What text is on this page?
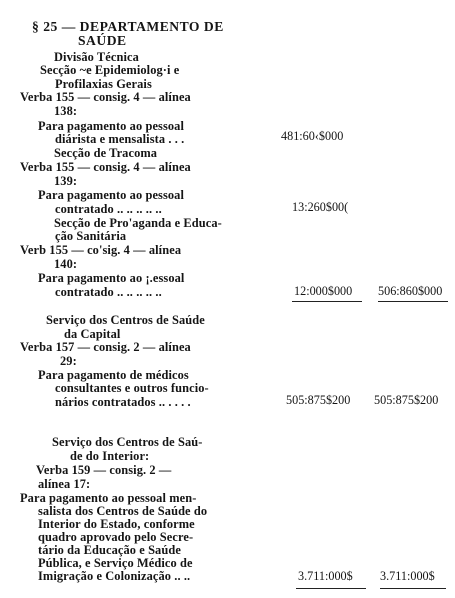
§ 25 — DEPARTAMENTO DE
SAÚDE
Divisão Técnica
Secção ~e Epidemiolog·i e
Profilaxias Gerais
Verba 155 — consig. 4 — alínea
138:
Para pagamento ao pessoal
diárista e mensalista . . .	481:60‹$000
Secção de Tracoma
Verba 155 — consig. 4 — alínea
139:
Para pagamento ao pessoal
contratado .. .. .. .. ..	13:260$00(
Secção de Pro'aganda e Educa-
ção Sanitária
Verb 155 — co'sig. 4 — alínea
140:
Para pagamento ao ¡.essoal
contratado .. .. .. .. ..	12:000$000 506:860$000
Serviço dos Centros de Saúde
da Capital
Verba 157 — consig. 2 — alínea
29:
Para pagamento de médicos
consultantes e outros funcio-
nários contratados .. . . . .	505:875$200 505:875$200
Serviço dos Centros de Saú-
de do Interior:
Verba 159 — consig. 2 —
alínea 17:
Para pagamento ao pessoal men-
salista dos Centros de Saúde do
Interior do Estado, conforme
quadro aprovado pelo Secre-
tário da Educação e Saúde
Pública, e Serviço Médico de
Imigração e Colonização .. ..	3.711:000$ 3.711:000$
